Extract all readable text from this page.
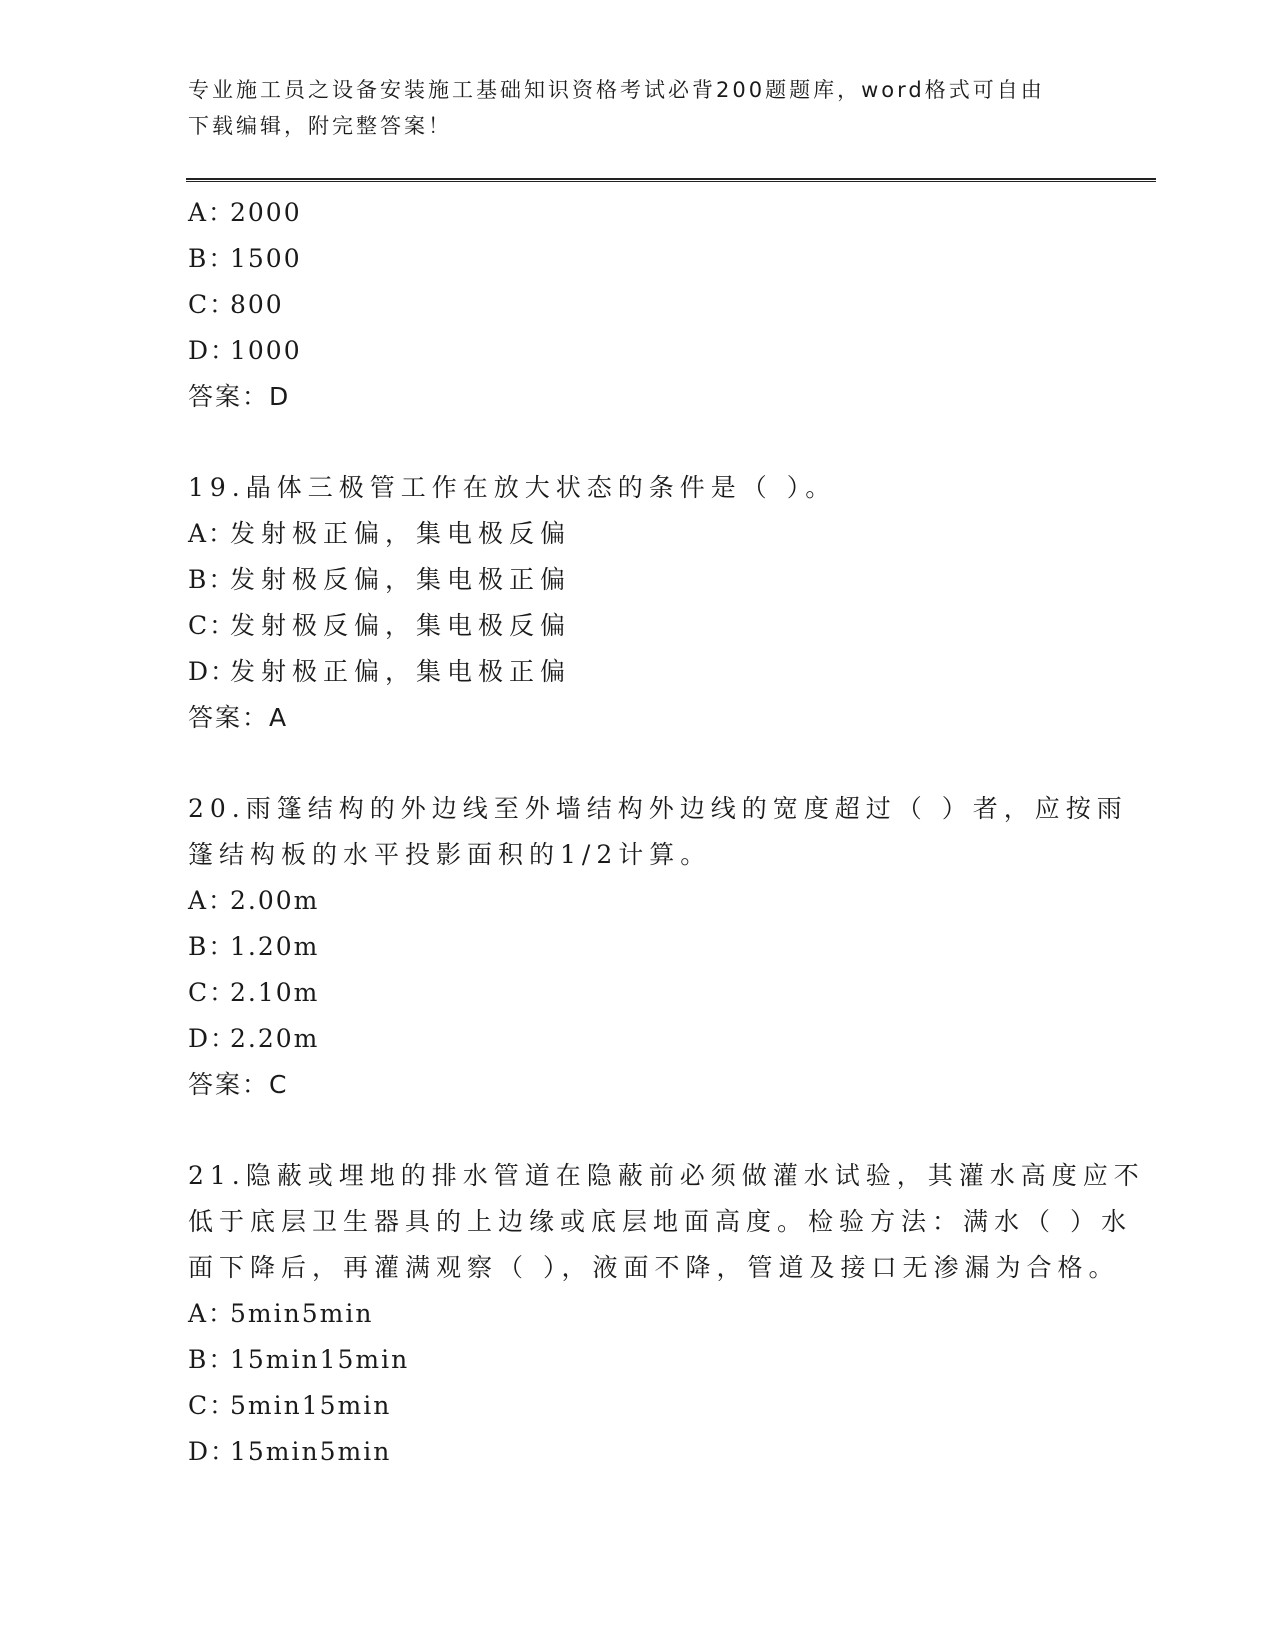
专业施工员之设备安装施工基础知识资格考试必背200题题库，word格式可自由
下载编辑，附完整答案！
A：2000
B：1500
C：800
D：1000
答案：D
19.晶体三极管工作在放大状态的条件是（ ）。
A：发射极正偏，集电极反偏
B：发射极反偏，集电极正偏
C：发射极反偏，集电极反偏
D：发射极正偏，集电极正偏
答案：A
20.雨篷结构的外边线至外墙结构外边线的宽度超过（ ）者，应按雨
篷结构板的水平投影面积的1/2计算。
A：2.00m
B：1.20m
C：2.10m
D：2.20m
答案：C
21.隐蔽或埋地的排水管道在隐蔽前必须做灌水试验，其灌水高度应不
低于底层卫生器具的上边缘或底层地面高度。检验方法：满水（ ）水
面下降后，再灌满观察（ ），液面不降，管道及接口无渗漏为合格。
A：5min5min
B：15min15min
C：5min15min
D：15min5min
